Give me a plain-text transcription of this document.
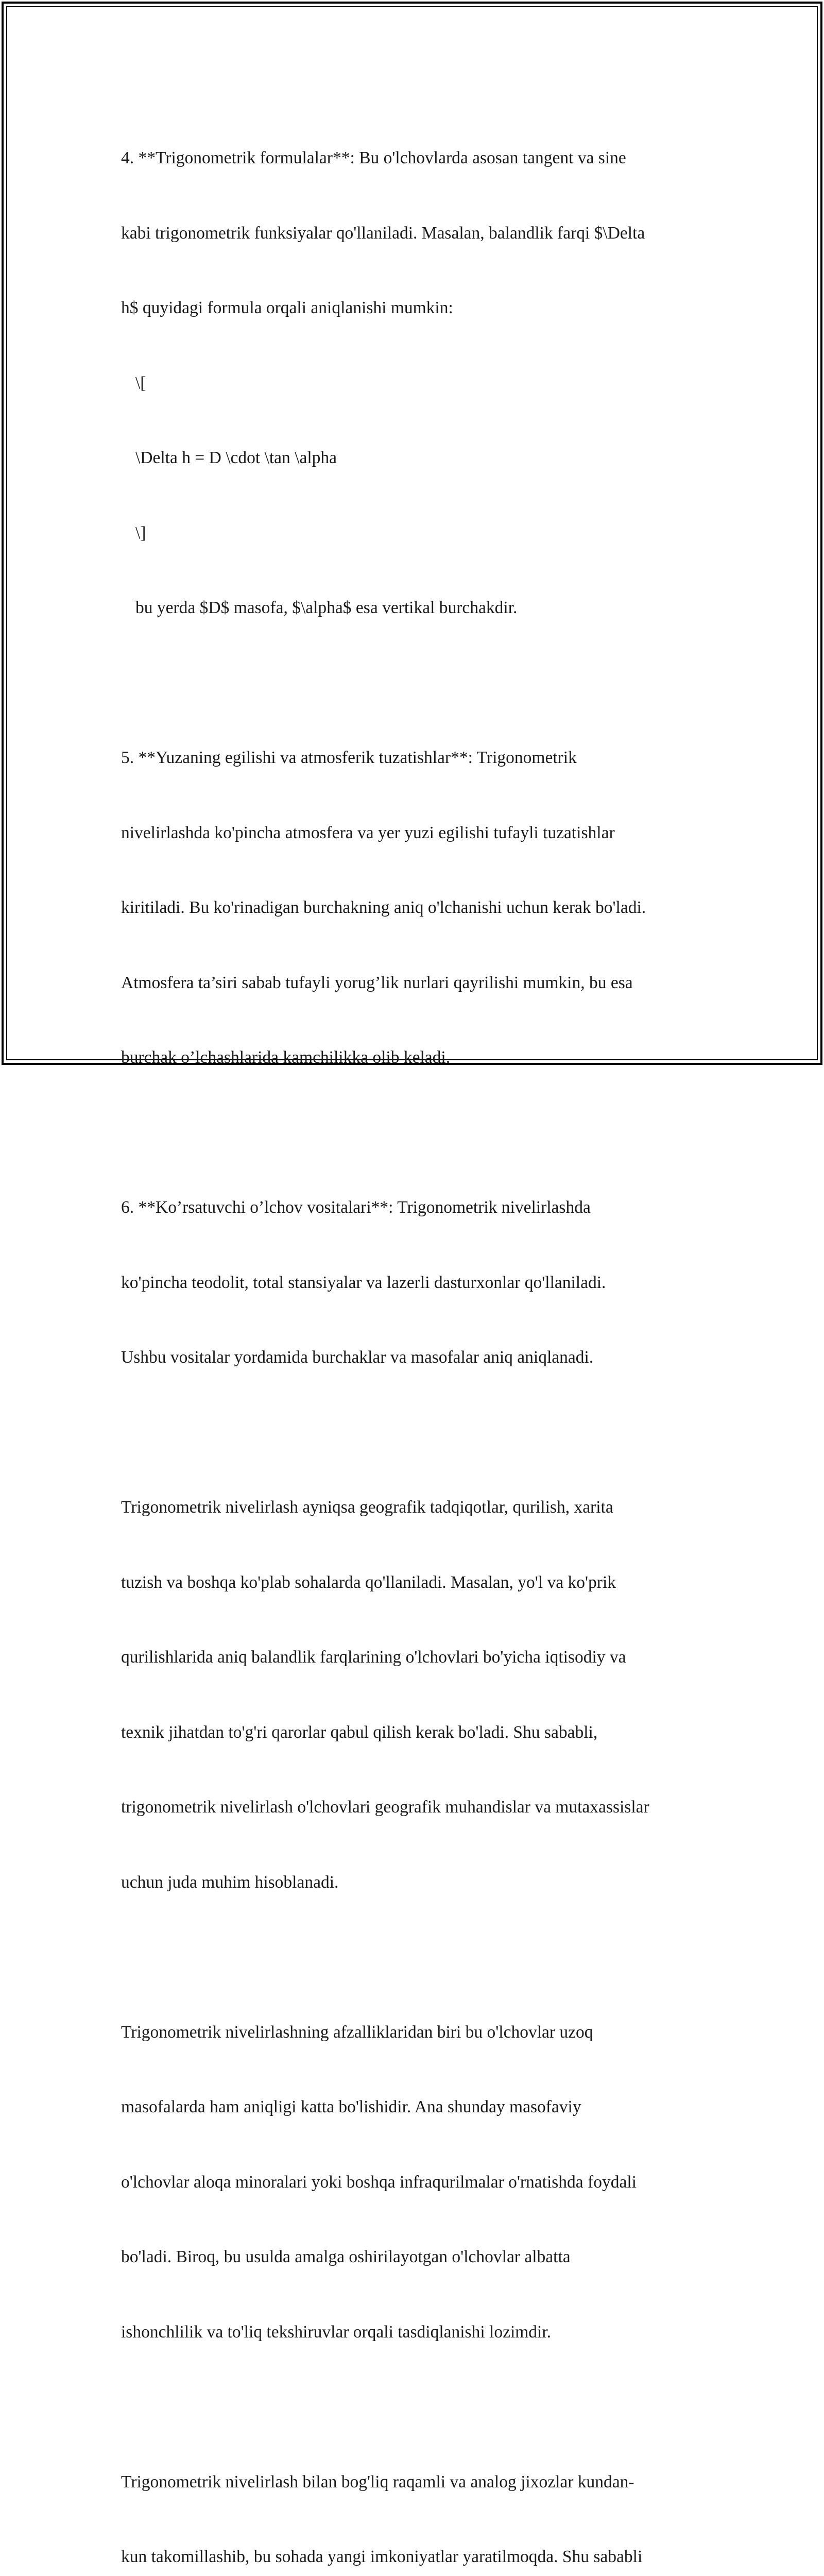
4. **Trigonometrik formulalar**: Bu o'lchovlarda asosan tangent va sine

kabi trigonometrik funksiyalar qo'llaniladi. Masalan, balandlik farqi $\Delta

h$ quyidagi formula orqali aniqlanishi mumkin:

\[

\Delta h = D \cdot \tan \alpha

\]

bu yerda $D$ masofa, $\alpha$ esa vertikal burchakdir.

5. **Yuzaning egilishi va atmosferik tuzatishlar**: Trigonometrik

nivelirlashda ko'pincha atmosfera va yer yuzi egilishi tufayli tuzatishlar

kiritiladi. Bu ko'rinadigan burchakning aniq o'lchanishi uchun kerak bo'ladi.

Atmosfera ta’siri sabab tufayli yorug’lik nurlari qayrilishi mumkin, bu esa

burchak o’lchashlarida kamchilikka olib keladi.

6. **Ko’rsatuvchi o’lchov vositalari**: Trigonometrik nivelirlashda

ko'pincha teodolit, total stansiyalar va lazerli dasturxonlar qo'llaniladi.

Ushbu vositalar yordamida burchaklar va masofalar aniq aniqlanadi.

Trigonometrik nivelirlash ayniqsa geografik tadqiqotlar, qurilish, xarita

tuzish va boshqa ko'plab sohalarda qo'llaniladi. Masalan, yo'l va ko'prik

qurilishlarida aniq balandlik farqlarining o'lchovlari bo'yicha iqtisodiy va

texnik jihatdan to'g'ri qarorlar qabul qilish kerak bo'ladi. Shu sababli,

trigonometrik nivelirlash o'lchovlari geografik muhandislar va mutaxassislar

uchun juda muhim hisoblanadi.

Trigonometrik nivelirlashning afzalliklaridan biri bu o'lchovlar uzoq

masofalarda ham aniqligi katta bo'lishidir. Ana shunday masofaviy

o'lchovlar aloqa minoralari yoki boshqa infraqurilmalar o'rnatishda foydali

bo'ladi. Biroq, bu usulda amalga oshirilayotgan o'lchovlar albatta

ishonchlilik va to'liq tekshiruvlar orqali tasdiqlanishi lozimdir.

Trigonometrik nivelirlash bilan bog'liq raqamli va analog jixozlar kundan-

kun takomillashib, bu sohada yangi imkoniyatlar yaratilmoqda. Shu sababli
